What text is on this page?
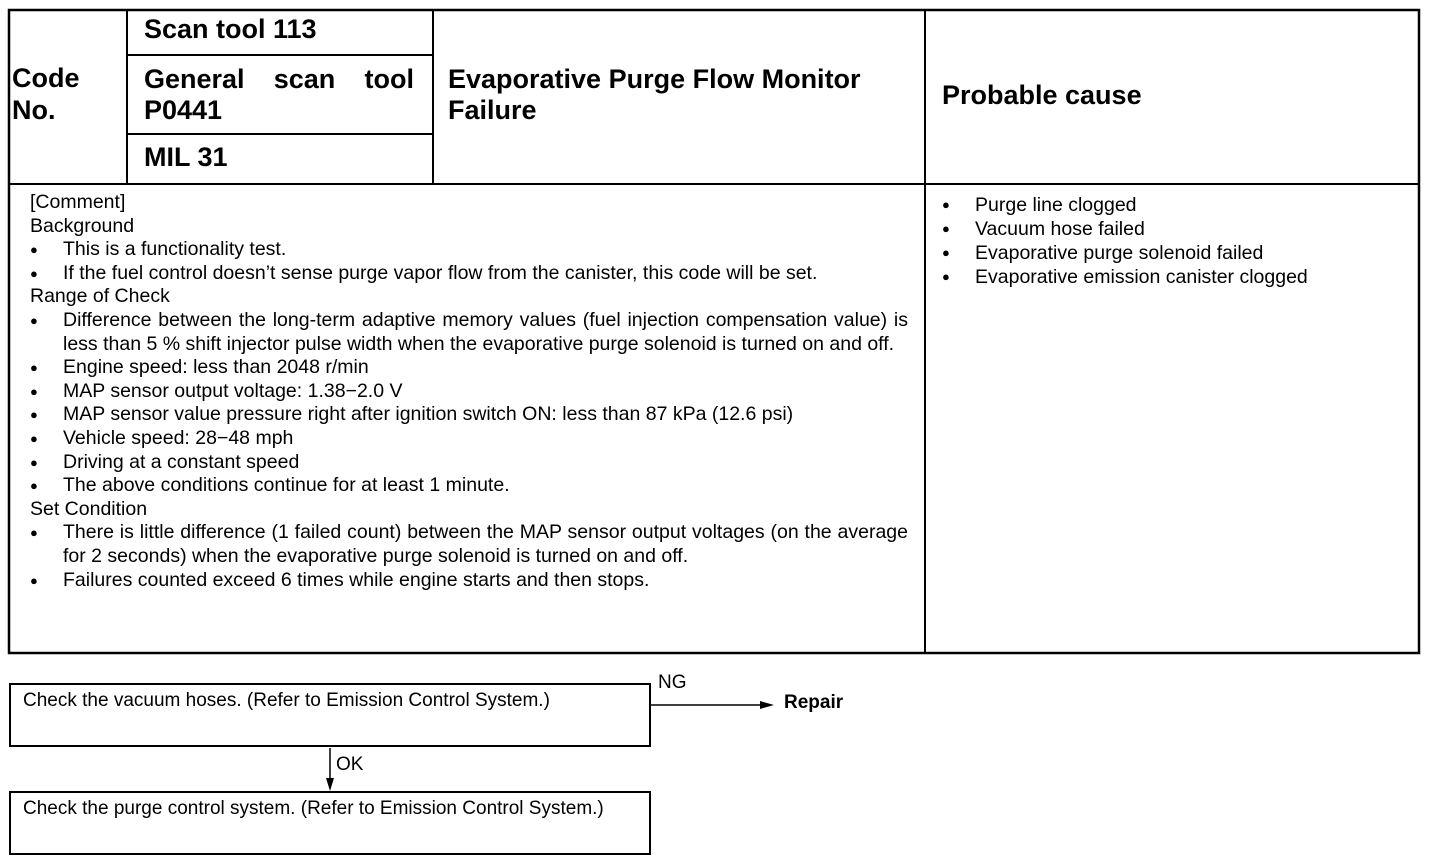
Code No.
Scan tool 113
General scan tool
P0441
MIL 31
Evaporative Purge Flow Monitor Failure	Probable cause
[Comment]
Background
● This is a functionality test.
● If the fuel control doesn’t sense purge vapor flow from the canister, this code will be set.
Range of Check
● Difference between the long-term adaptive memory values (fuel injection compensation value) is less than 5 % shift injector pulse width when the evaporative purge solenoid is turned on and off.
● Engine speed: less than 2048 r/min
● MAP sensor output voltage: 1.38−2.0 V
● MAP sensor value pressure right after ignition switch ON: less than 87 kPa (12.6 psi)
● Vehicle speed: 28−48 mph
● Driving at a constant speed
● The above conditions continue for at least 1 minute.
Set Condition
● There is little difference (1 failed count) between the MAP sensor output voltages (on the average for 2 seconds) when the evaporative purge solenoid is turned on and off.
● Failures counted exceed 6 times while engine starts and then stops.
● Purge line clogged
● Vacuum hose failed
● Evaporative purge solenoid failed
● Evaporative emission canister clogged
Check the vacuum hoses. (Refer to Emission Control System.)
Check the purge control system. (Refer to Emission Control System.)
NG
Repair
OK
